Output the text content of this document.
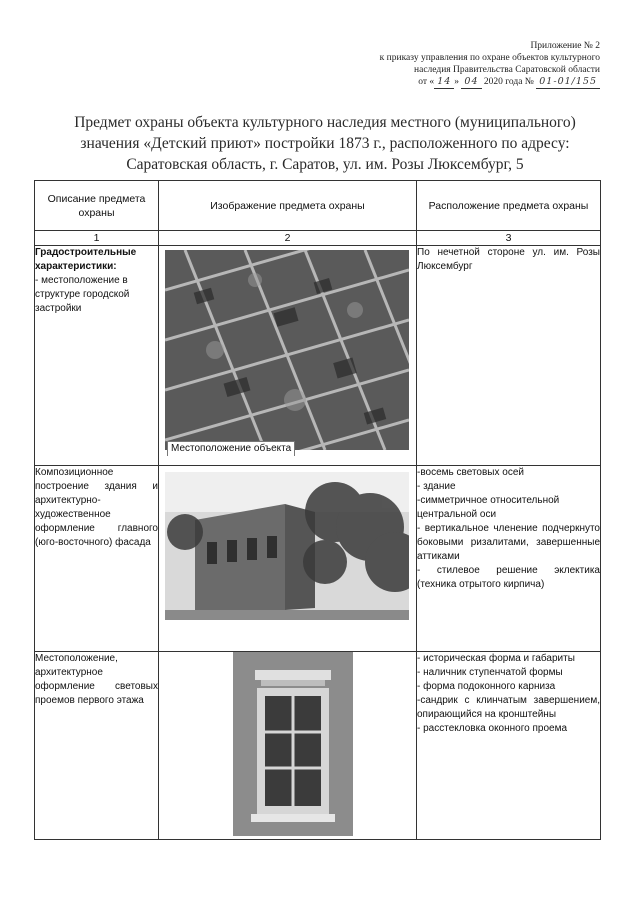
Приложение № 2
к приказу управления по охране объектов культурного
наследия Правительства Саратовской области
от « 14 » 04 2020 года № 01-01/155
Предмет охраны объекта культурного наследия местного (муниципального)
значения «Детский приют» постройки 1873 г., расположенного по адресу:
Саратовская область, г. Саратов, ул. им. Розы Люксембург, 5
Описание предмета охраны	Изображение предмета охраны	Расположение предмета охраны
1	2	3
Градостроительные характеристики:
- местоположение в структуре городской застройки	Местоположение объекта	По нечетной стороне ул. им. Розы Люксембург

Композиционное построение здания и архитектурно-художественное оформление главного (юго-восточного) фасада		-восемь световых осей

- здание

-симметричное относительной центральной оси

- вертикальное членение подчеркнуто боковыми ризалитами, завершенные аттиками

- стилевое решение эклектика (техника отрытого кирпича)

Местоположение, архитектурное оформление световых проемов первого этажа		- историческая форма и габариты

- наличник ступенчатой формы

- форма подоконного карниза

-сандрик с клинчатым завершением, опирающийся на кронштейны

- расстекловка оконного проема
